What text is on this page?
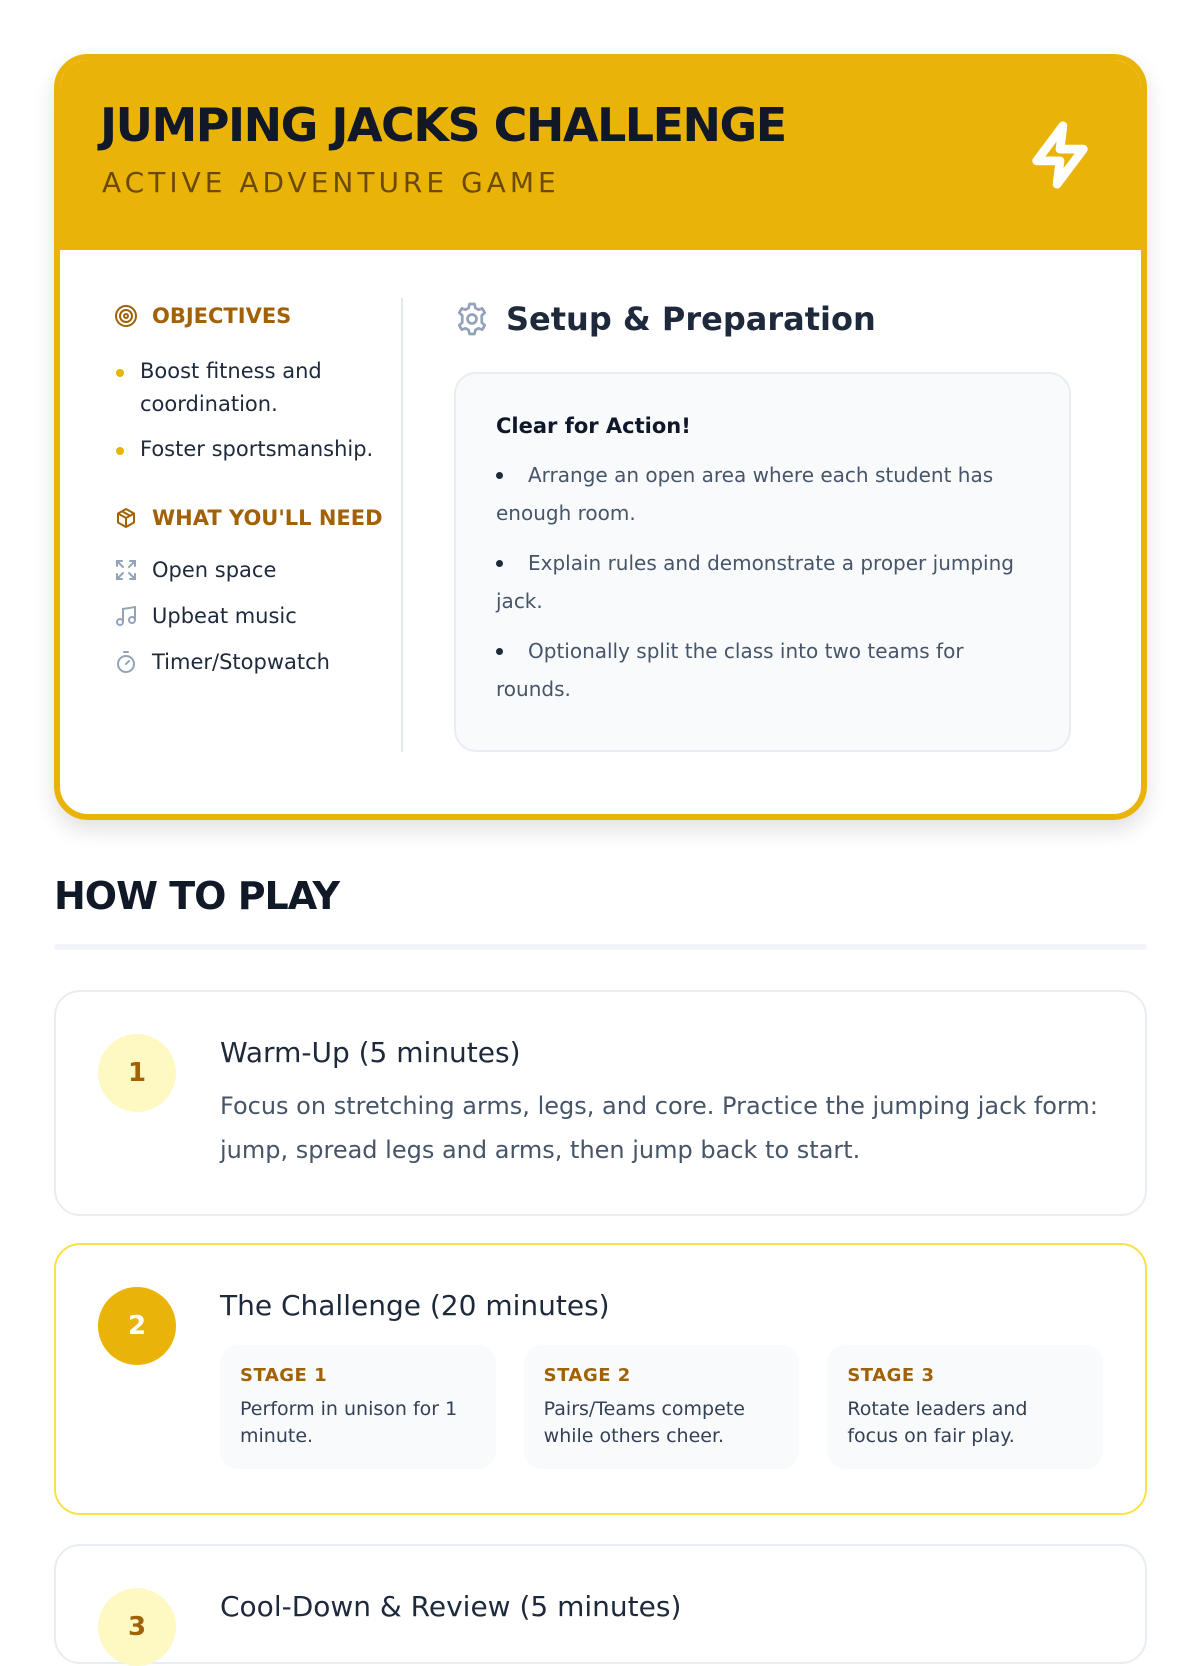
JUMPING JACKS CHALLENGE
ACTIVE ADVENTURE GAME
OBJECTIVES
Boost fitness and coordination.
Foster sportsmanship.
WHAT YOU'LL NEED
Open space
Upbeat music
Timer/Stopwatch
Setup & Preparation
Clear for Action!
Arrange an open area where each student has enough room.
Explain rules and demonstrate a proper jumping jack.
Optionally split the class into two teams for rounds.
HOW TO PLAY
1
Warm-Up (5 minutes)
Focus on stretching arms, legs, and core. Practice the jumping jack form: jump, spread legs and arms, then jump back to start.
2
The Challenge (20 minutes)
STAGE 1
Perform in unison for 1 minute.
STAGE 2
Pairs/Teams compete while others cheer.
STAGE 3
Rotate leaders and focus on fair play.
3
Cool-Down & Review (5 minutes)
